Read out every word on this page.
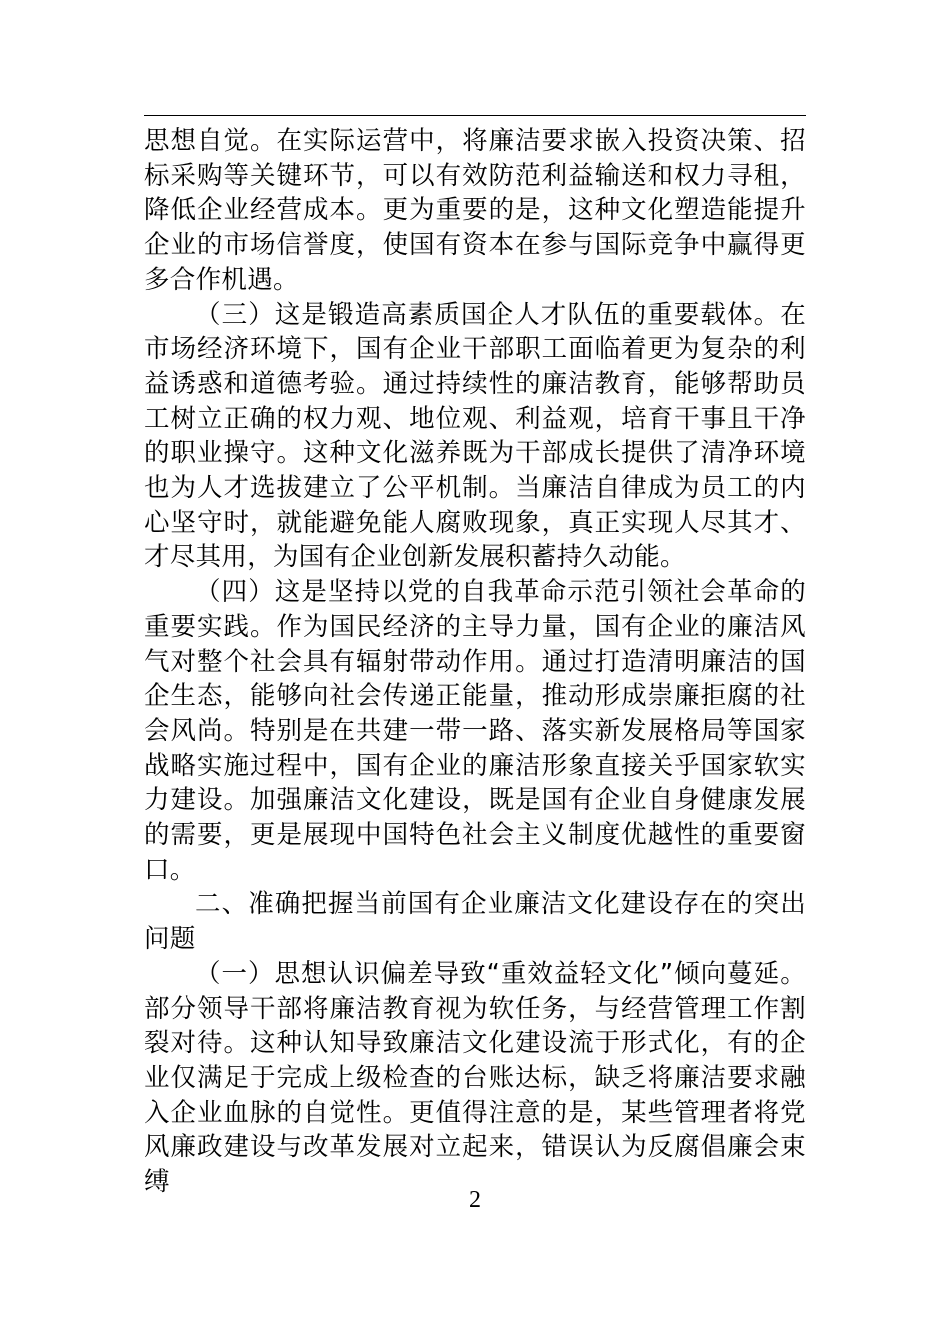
思想自觉。在实际运营中，将廉洁要求嵌入投资决策、招标采购等关键环节，可以有效防范利益输送和权力寻租，降低企业经营成本。更为重要的是，这种文化塑造能提升企业的市场信誉度，使国有资本在参与国际竞争中赢得更多合作机遇。

（三）这是锻造高素质国企人才队伍的重要载体。在市场经济环境下，国有企业干部职工面临着更为复杂的利益诱惑和道德考验。通过持续性的廉洁教育，能够帮助员工树立正确的权力观、地位观、利益观，培育干事且干净的职业操守。这种文化滋养既为干部成长提供了清净环境也为人才选拔建立了公平机制。当廉洁自律成为员工的内心坚守时，就能避免能人腐败现象，真正实现人尽其才、才尽其用，为国有企业创新发展积蓄持久动能。

（四）这是坚持以党的自我革命示范引领社会革命的重要实践。作为国民经济的主导力量，国有企业的廉洁风气对整个社会具有辐射带动作用。通过打造清明廉洁的国企生态，能够向社会传递正能量，推动形成崇廉拒腐的社会风尚。特别是在共建一带一路、落实新发展格局等国家战略实施过程中，国有企业的廉洁形象直接关乎国家软实力建设。加强廉洁文化建设，既是国有企业自身健康发展的需要，更是展现中国特色社会主义制度优越性的重要窗口。

二、准确把握当前国有企业廉洁文化建设存在的突出问题

（一）思想认识偏差导致“重效益轻文化”倾向蔓延。部分领导干部将廉洁教育视为软任务，与经营管理工作割裂对待。这种认知导致廉洁文化建设流于形式化，有的企业仅满足于完成上级检查的台账达标，缺乏将廉洁要求融入企业血脉的自觉性。更值得注意的是，某些管理者将党风廉政建设与改革发展对立起来，错误认为反腐倡廉会束缚

2
